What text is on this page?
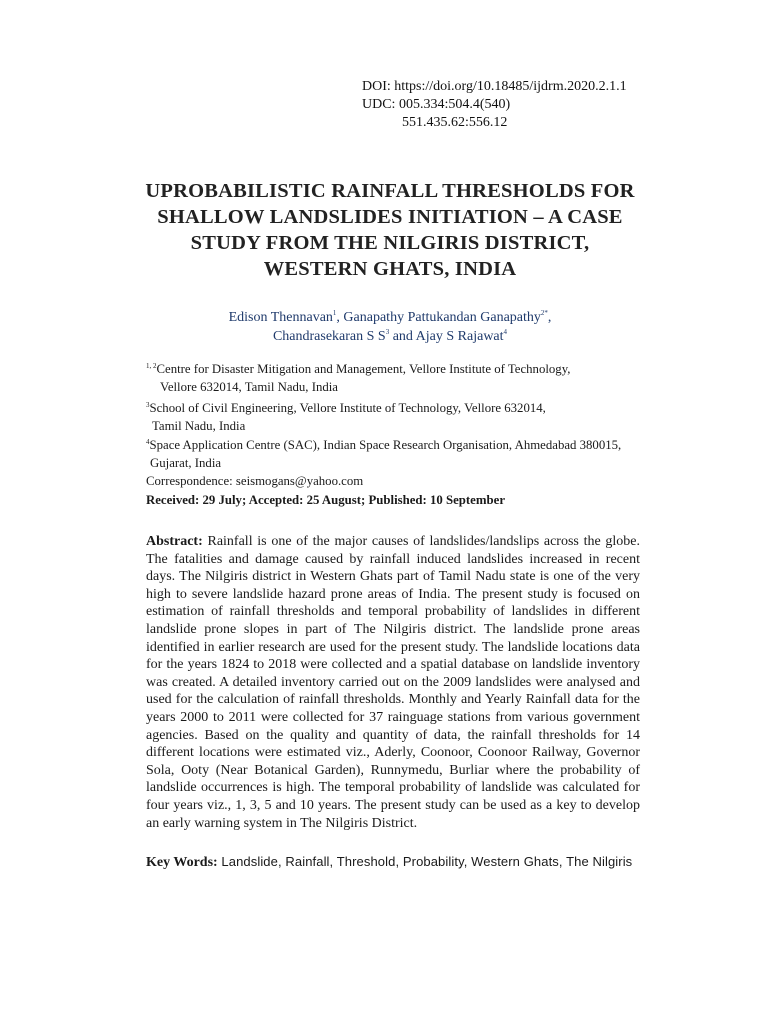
DOI: https://doi.org/10.18485/ijdrm.2020.2.1.1
UDC: 005.334:504.4(540)
551.435.62:556.12
UPROBABILISTIC RAINFALL THRESHOLDS FOR
SHALLOW LANDSLIDES INITIATION – A CASE
STUDY FROM THE NILGIRIS DISTRICT,
WESTERN GHATS, INDIA
Edison Thennavan$^1$, Ganapathy Pattukandan Ganapathy$^{2*}$,
Chandrasekaran S $S^3$ and Ajay S Rajawat$^4$
$^{1, 2}$Centre for Disaster Mitigation and Management, Vellore Institute of Technology,
Vellore 632014, Tamil Nadu, India
$^3$School of Civil Engineering, Vellore Institute of Technology, Vellore 632014,
Tamil Nadu, India
$^4$Space Application Centre (SAC), Indian Space Research Organisation, Ahmedabad 380015,
Gujarat, India
Correspondence: seismogans@yahoo.com
Received: 29 July; Accepted: 25 August; Published: 10 September

Abstract: Rainfall is one of the major causes of landslides/landslips across the globe. The fatalities and damage caused by rainfall induced landslides increased in recent days. The Nilgiris district in Western Ghats part of Tamil Nadu state is one of the very high to severe landslide hazard prone areas of India. The present study is focused on estimation of rainfall thresholds and temporal probability of landslides in different landslide prone slopes in part of The Nilgiris district. The landslide prone areas identified in earlier research are used for the present study. The landslide locations data for the years 1824 to 2018 were collected and a spatial database on landslide inventory was created. A detailed inventory carried out on the 2009 landslides were analysed and used for the calculation of rainfall thresholds. Monthly and Yearly Rainfall data for the years 2000 to 2011 were collected for 37 rainguage stations from various government agencies. Based on the quality and quantity of data, the rainfall thresholds for 14 different locations were estimated viz., Aderly, Coonoor, Coonoor Railway, Governor Sola, Ooty (Near Botanical Garden), Runnymedu, Burliar where the probability of landslide occurrences is high. The temporal probability of landslide was calculated for four years viz., 1, 3, 5 and 10 years. The present study can be used as a key to develop an early warning system in The Nilgiris District.

Key Words: Landslide, Rainfall, Threshold, Probability, Western Ghats, The Nilgiris
